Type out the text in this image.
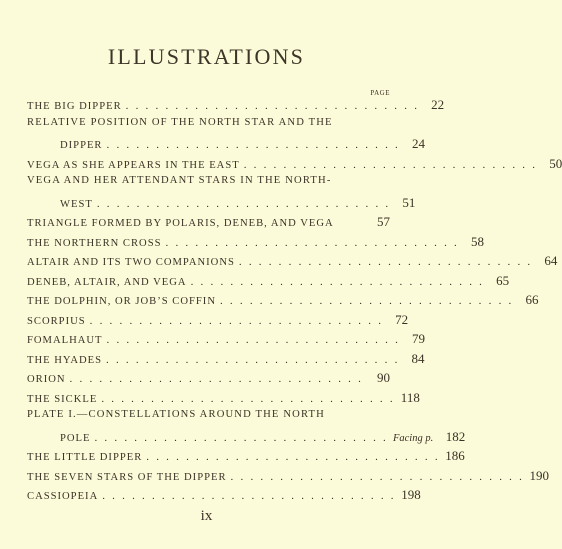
ILLUSTRATIONS
PAGE
THE BIG DIPPER .............................. 22
RELATIVE POSITION OF THE NORTH STAR AND THE
DIPPER .............................. 24
VEGA AS SHE APPEARS IN THE EAST .............................. 50
VEGA AND HER ATTENDANT STARS IN THE NORTH-
WEST .............................. 51
TRIANGLE FORMED BY POLARIS, DENEB, AND VEGA	57
THE NORTHERN CROSS .............................. 58
ALTAIR AND ITS TWO COMPANIONS .............................. 64
DENEB, ALTAIR, AND VEGA .............................. 65
THE DOLPHIN, OR JOB’S COFFIN .............................. 66
SCORPIUS .............................. 72
FOMALHAUT .............................. 79
THE HYADES .............................. 84
ORION .............................. 90
THE SICKLE .............................. 118
PLATE I.—CONSTELLATIONS AROUND THE NORTH
POLE .............................. Facing p. 182
THE LITTLE DIPPER .............................. 186
THE SEVEN STARS OF THE DIPPER .............................. 190
CASSIOPEIA .............................. 198
ix
